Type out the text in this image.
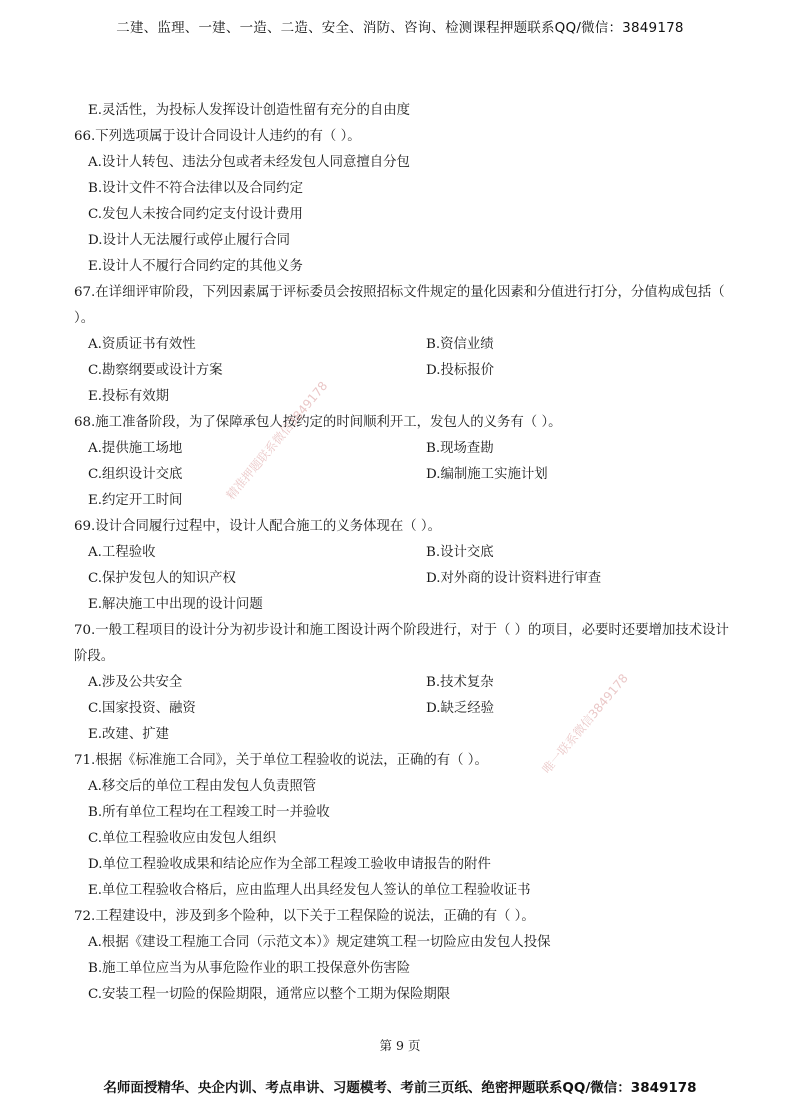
二建、监理、一建、一造、二造、安全、消防、咨询、检测课程押题联系QQ/微信：3849178
E.灵活性，为投标人发挥设计创造性留有充分的自由度
66.下列选项属于设计合同设计人违约的有（ ）。
A.设计人转包、违法分包或者未经发包人同意擅自分包
B.设计文件不符合法律以及合同约定
C.发包人未按合同约定支付设计费用
D.设计人无法履行或停止履行合同
E.设计人不履行合同约定的其他义务
67.在详细评审阶段，下列因素属于评标委员会按照招标文件规定的量化因素和分值进行打分，分值构成包括（ ）。
A.资质证书有效性	B.资信业绩
C.勘察纲要或设计方案	D.投标报价
E.投标有效期
68.施工准备阶段，为了保障承包人按约定的时间顺利开工，发包人的义务有（ ）。
A.提供施工场地	B.现场查勘
C.组织设计交底	D.编制施工实施计划
E.约定开工时间
69.设计合同履行过程中，设计人配合施工的义务体现在（ ）。
A.工程验收	B.设计交底
C.保护发包人的知识产权	D.对外商的设计资料进行审查
E.解决施工中出现的设计问题
70.一般工程项目的设计分为初步设计和施工图设计两个阶段进行，对于（ ）的项目，必要时还要增加技术设计阶段。
A.涉及公共安全	B.技术复杂
C.国家投资、融资	D.缺乏经验
E.改建、扩建
71.根据《标准施工合同》，关于单位工程验收的说法，正确的有（ ）。
A.移交后的单位工程由发包人负责照管
B.所有单位工程均在工程竣工时一并验收
C.单位工程验收应由发包人组织
D.单位工程验收成果和结论应作为全部工程竣工验收申请报告的附件
E.单位工程验收合格后，应由监理人出具经发包人签认的单位工程验收证书
72.工程建设中，涉及到多个险种，以下关于工程保险的说法，正确的有（ ）。
A.根据《建设工程施工合同（示范文本）》规定建筑工程一切险应由发包人投保
B.施工单位应当为从事危险作业的职工投保意外伤害险
C.安装工程一切险的保险期限，通常应以整个工期为保险期限
精准押题联系微信3849178
唯一联系微信3849178
第 9 页
名师面授精华、央企内训、考点串讲、习题模考、考前三页纸、绝密押题联系QQ/微信：3849178
